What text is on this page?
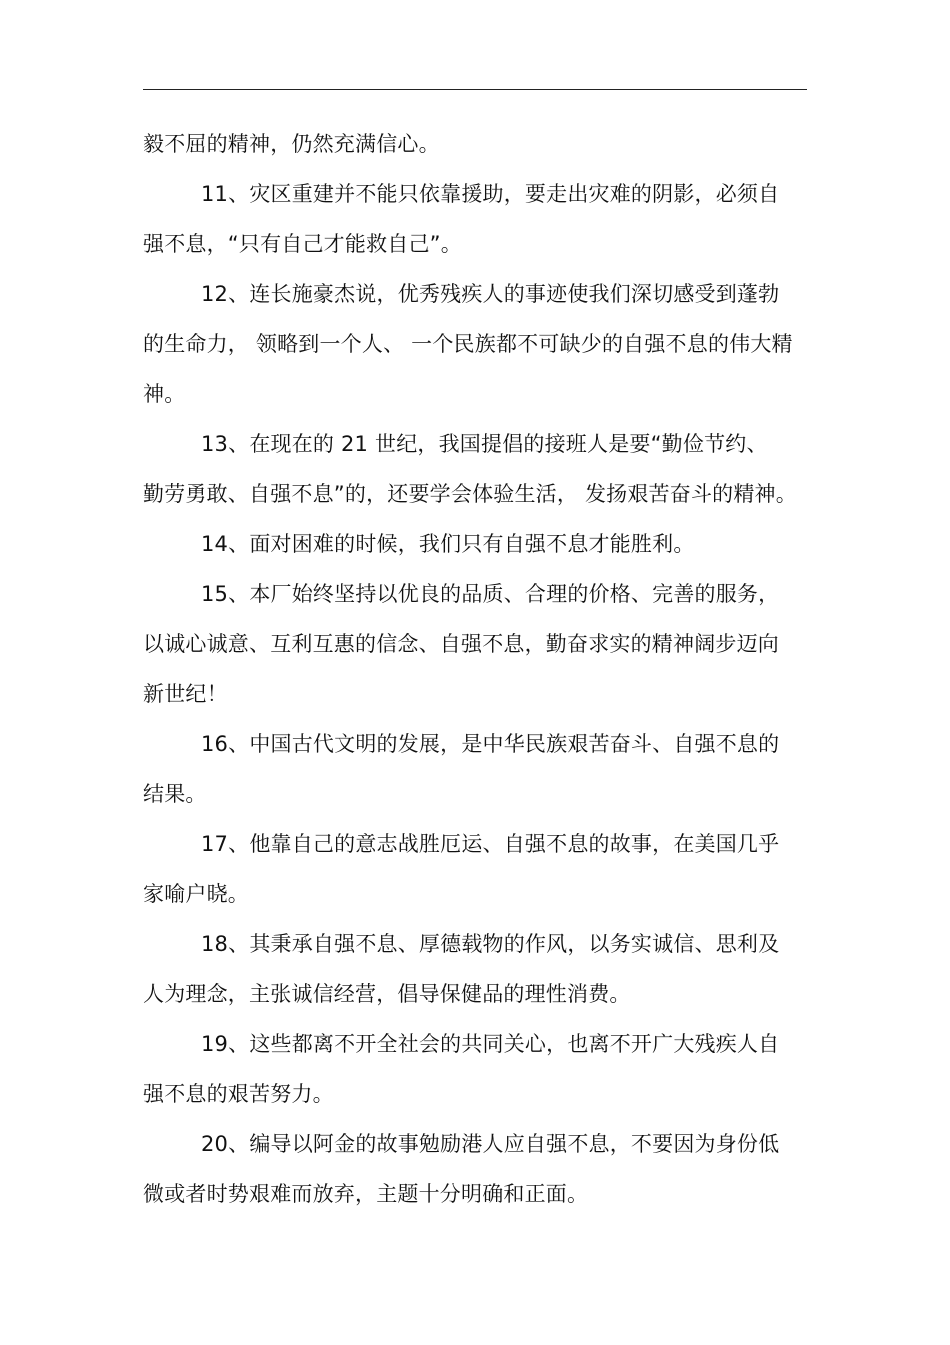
毅不屈的精神，仍然充满信心。
11、灾区重建并不能只依靠援助，要走出灾难的阴影，必须自
强不息，“只有自己才能救自己”。
12、连长施豪杰说，优秀残疾人的事迹使我们深切感受到蓬勃
的生命力， 领略到一个人、 一个民族都不可缺少的自强不息的伟大精
神。
13、在现在的 21 世纪，我国提倡的接班人是要“勤俭节约、
勤劳勇敢、自强不息”的，还要学会体验生活， 发扬艰苦奋斗的精神。
14、面对困难的时候，我们只有自强不息才能胜利。
15、本厂始终坚持以优良的品质、合理的价格、完善的服务，
以诚心诚意、互利互惠的信念、自强不息，勤奋求实的精神阔步迈向
新世纪！
16、中国古代文明的发展，是中华民族艰苦奋斗、自强不息的
结果。
17、他靠自己的意志战胜厄运、自强不息的故事，在美国几乎
家喻户晓。
18、其秉承自强不息、厚德载物的作风，以务实诚信、思利及
人为理念，主张诚信经营，倡导保健品的理性消费。
19、这些都离不开全社会的共同关心，也离不开广大残疾人自
强不息的艰苦努力。
20、编导以阿金的故事勉励港人应自强不息，不要因为身份低
微或者时势艰难而放弃，主题十分明确和正面。
